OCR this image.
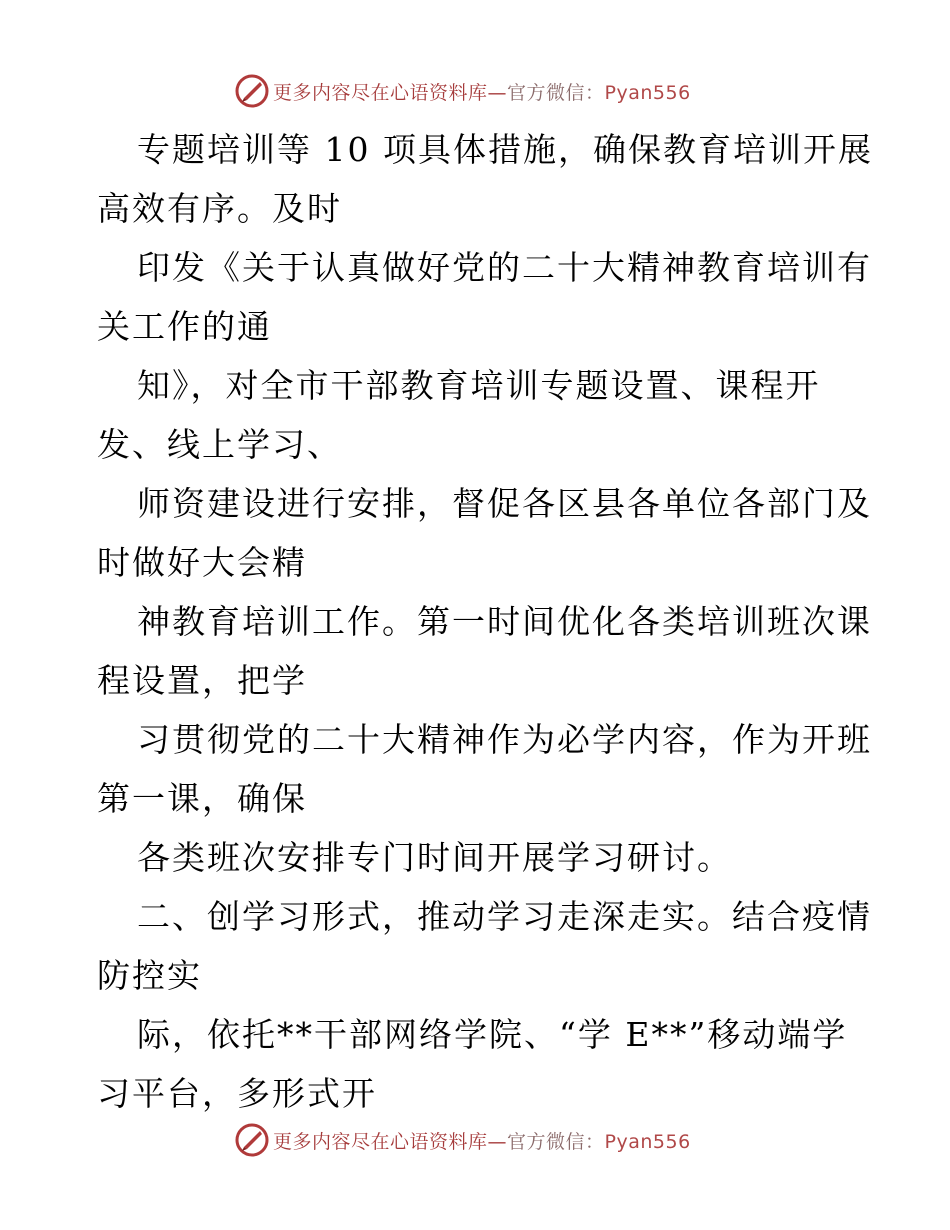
更多内容尽在心语资料库—官方微信：Pyan556

专题培训等 10 项具体措施，确保教育培训开展
高效有序。及时

印发《关于认真做好党的二十大精神教育培训有
关工作的通

知》，对全市干部教育培训专题设置、课程开
发、线上学习、

师资建设进行安排，督促各区县各单位各部门及
时做好大会精

神教育培训工作。第一时间优化各类培训班次课
程设置，把学

习贯彻党的二十大精神作为必学内容，作为开班
第一课，确保

各类班次安排专门时间开展学习研讨。

二、创学习形式，推动学习走深走实。结合疫情
防控实

际，依托**干部网络学院、“学 E**”移动端学
习平台，多形式开

更多内容尽在心语资料库—官方微信：Pyan556
